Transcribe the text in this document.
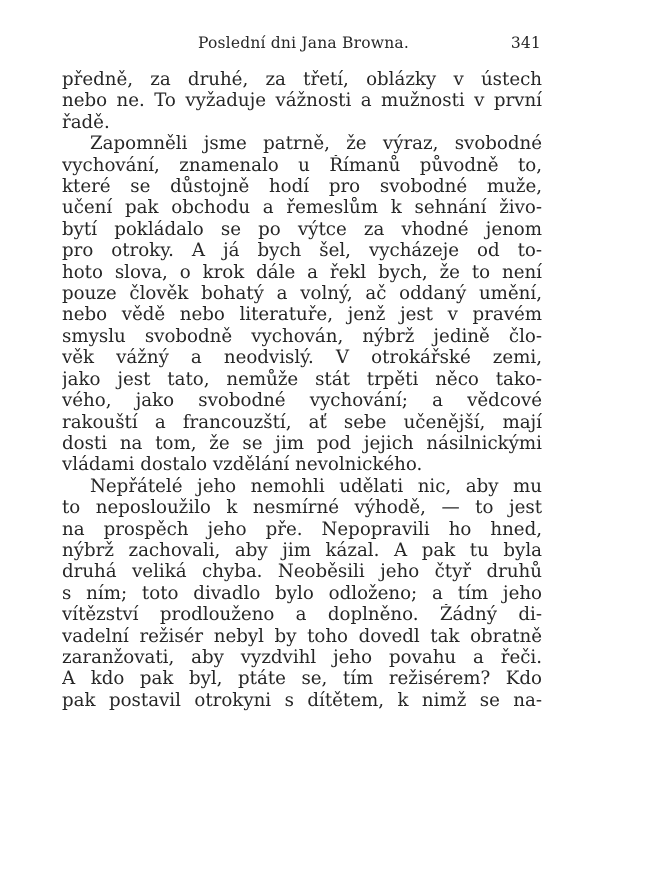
Poslední dni Jana Browna.	341
předně, za druhé, za třetí, oblázky v ústech
nebo ne. To vyžaduje vážnosti a mužnosti v první
řadě.
Zapomněli jsme patrně, že výraz, svobodné
vychování, znamenalo u Římanů původně to,
které se důstojně hodí pro svobodné muže,
učení pak obchodu a řemeslům k sehnání živo-
bytí pokládalo se po výtce za vhodné jenom
pro otroky. A já bych šel, vycházeje od to-
hoto slova, o krok dále a řekl bych, že to není
pouze člověk bohatý a volný, ač oddaný umění,
nebo vědě nebo literatuře, jenž jest v pravém
smyslu svobodně vychován, nýbrž jedině člo-
věk vážný a neodvislý. V otrokářské zemi,
jako jest tato, nemůže stát trpěti něco tako-
vého, jako svobodné vychování; a vědcové
rakouští a francouzští, ať sebe učenější, mají
dosti na tom, že se jim pod jejich násilnickými
vládami dostalo vzdělání nevolnického.
Nepřátelé jeho nemohli udělati nic, aby mu
to neposloužilo k nesmírné výhodě, — to jest
na prospěch jeho pře. Nepopravili ho hned,
nýbrž zachovali, aby jim kázal. A pak tu byla
druhá veliká chyba. Neoběsili jeho čtyř druhů
s ním; toto divadlo bylo odloženo; a tím jeho
vítězství prodlouženo a doplněno. Žádný di-
vadelní režisér nebyl by toho dovedl tak obratně
zaranžovati, aby vyzdvihl jeho povahu a řeči.
A kdo pak byl, ptáte se, tím režisérem? Kdo
pak postavil otrokyni s dítětem, k nimž se na-
